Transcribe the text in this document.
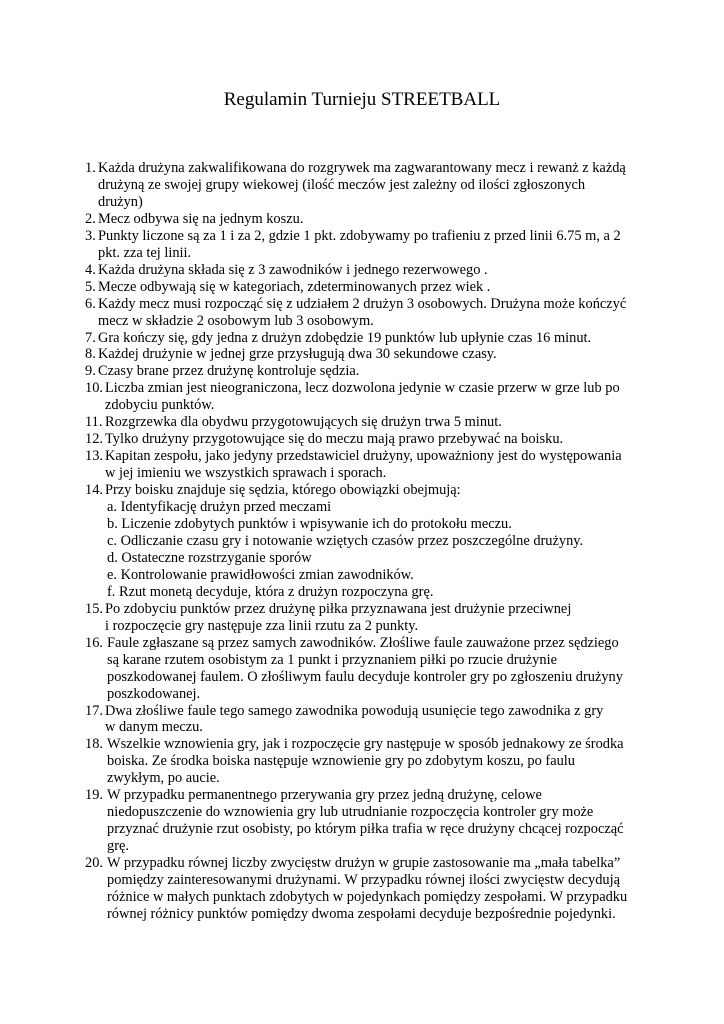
Regulamin Turnieju STREETBALL
1. Każda drużyna zakwalifikowana do rozgrywek ma zagwarantowany mecz i rewanż z każdą
drużyną ze swojej grupy wiekowej (ilość meczów jest zależny od ilości zgłoszonych
drużyn)
2. Mecz odbywa się na jednym koszu.
3. Punkty liczone są za 1 i za 2, gdzie 1 pkt. zdobywamy po trafieniu z przed linii 6.75 m, a 2
pkt. zza tej linii.
4. Każda drużyna składa się z 3 zawodników i jednego rezerwowego .
5. Mecze odbywają się w kategoriach, zdeterminowanych przez wiek .
6. Każdy mecz musi rozpocząć się z udziałem 2 drużyn 3 osobowych. Drużyna może kończyć
mecz w składzie 2 osobowym lub 3 osobowym.
7. Gra kończy się, gdy jedna z drużyn zdobędzie 19 punktów lub upłynie czas 16 minut.
8. Każdej drużynie w jednej grze przysługują dwa 30 sekundowe czasy.
9. Czasy brane przez drużynę kontroluje sędzia.
10. Liczba zmian jest nieograniczona, lecz dozwolona jedynie w czasie przerw w grze lub po
zdobyciu punktów.
11. Rozgrzewka dla obydwu przygotowujących się drużyn trwa 5 minut.
12. Tylko drużyny przygotowujące się do meczu mają prawo przebywać na boisku.
13. Kapitan zespołu, jako jedyny przedstawiciel drużyny, upoważniony jest do występowania
w jej imieniu we wszystkich sprawach i sporach.
14. Przy boisku znajduje się sędzia, którego obowiązki obejmują:
a. Identyfikację drużyn przed meczami
b. Liczenie zdobytych punktów i wpisywanie ich do protokołu meczu.
c. Odliczanie czasu gry i notowanie wziętych czasów przez poszczególne drużyny.
d. Ostateczne rozstrzyganie sporów
e. Kontrolowanie prawidłowości zmian zawodników.
f. Rzut monetą decyduje, która z drużyn rozpoczyna grę.
15. Po zdobyciu punktów przez drużynę piłka przyznawana jest drużynie przeciwnej
i rozpoczęcie gry następuje zza linii rzutu za 2 punkty.
16. Faule zgłaszane są przez samych zawodników. Złośliwe faule zauważone przez sędziego
są karane rzutem osobistym za 1 punkt i przyznaniem piłki po rzucie drużynie
poszkodowanej faulem. O złośliwym faulu decyduje kontroler gry po zgłoszeniu drużyny
poszkodowanej.
17. Dwa złośliwe faule tego samego zawodnika powodują usunięcie tego zawodnika z gry
w danym meczu.
18. Wszelkie wznowienia gry, jak i rozpoczęcie gry następuje w sposób jednakowy ze środka
boiska. Ze środka boiska następuje wznowienie gry po zdobytym koszu, po faulu
zwykłym, po aucie.
19. W przypadku permanentnego przerywania gry przez jedną drużynę, celowe
niedopuszczenie do wznowienia gry lub utrudnianie rozpoczęcia kontroler gry może
przyznać drużynie rzut osobisty, po którym piłka trafia w ręce drużyny chcącej rozpocząć
grę.
20. W przypadku równej liczby zwycięstw drużyn w grupie zastosowanie ma „mała tabelka”
pomiędzy zainteresowanymi drużynami. W przypadku równej ilości zwycięstw decydują
różnice w małych punktach zdobytych w pojedynkach pomiędzy zespołami. W przypadku
równej różnicy punktów pomiędzy dwoma zespołami decyduje bezpośrednie pojedynki.
